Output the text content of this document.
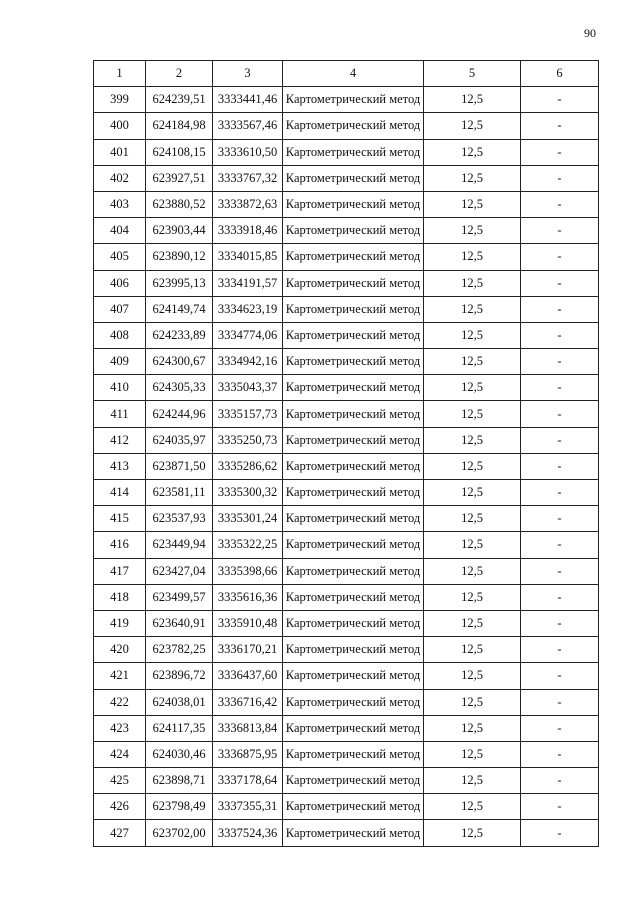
90
1	2	3	4	5	6
399	624239,51	3333441,46	Картометрический метод	12,5	-
400	624184,98	3333567,46	Картометрический метод	12,5	-
401	624108,15	3333610,50	Картометрический метод	12,5	-
402	623927,51	3333767,32	Картометрический метод	12,5	-
403	623880,52	3333872,63	Картометрический метод	12,5	-
404	623903,44	3333918,46	Картометрический метод	12,5	-
405	623890,12	3334015,85	Картометрический метод	12,5	-
406	623995,13	3334191,57	Картометрический метод	12,5	-
407	624149,74	3334623,19	Картометрический метод	12,5	-
408	624233,89	3334774,06	Картометрический метод	12,5	-
409	624300,67	3334942,16	Картометрический метод	12,5	-
410	624305,33	3335043,37	Картометрический метод	12,5	-
411	624244,96	3335157,73	Картометрический метод	12,5	-
412	624035,97	3335250,73	Картометрический метод	12,5	-
413	623871,50	3335286,62	Картометрический метод	12,5	-
414	623581,11	3335300,32	Картометрический метод	12,5	-
415	623537,93	3335301,24	Картометрический метод	12,5	-
416	623449,94	3335322,25	Картометрический метод	12,5	-
417	623427,04	3335398,66	Картометрический метод	12,5	-
418	623499,57	3335616,36	Картометрический метод	12,5	-
419	623640,91	3335910,48	Картометрический метод	12,5	-
420	623782,25	3336170,21	Картометрический метод	12,5	-
421	623896,72	3336437,60	Картометрический метод	12,5	-
422	624038,01	3336716,42	Картометрический метод	12,5	-
423	624117,35	3336813,84	Картометрический метод	12,5	-
424	624030,46	3336875,95	Картометрический метод	12,5	-
425	623898,71	3337178,64	Картометрический метод	12,5	-
426	623798,49	3337355,31	Картометрический метод	12,5	-
427	623702,00	3337524,36	Картометрический метод	12,5	-
